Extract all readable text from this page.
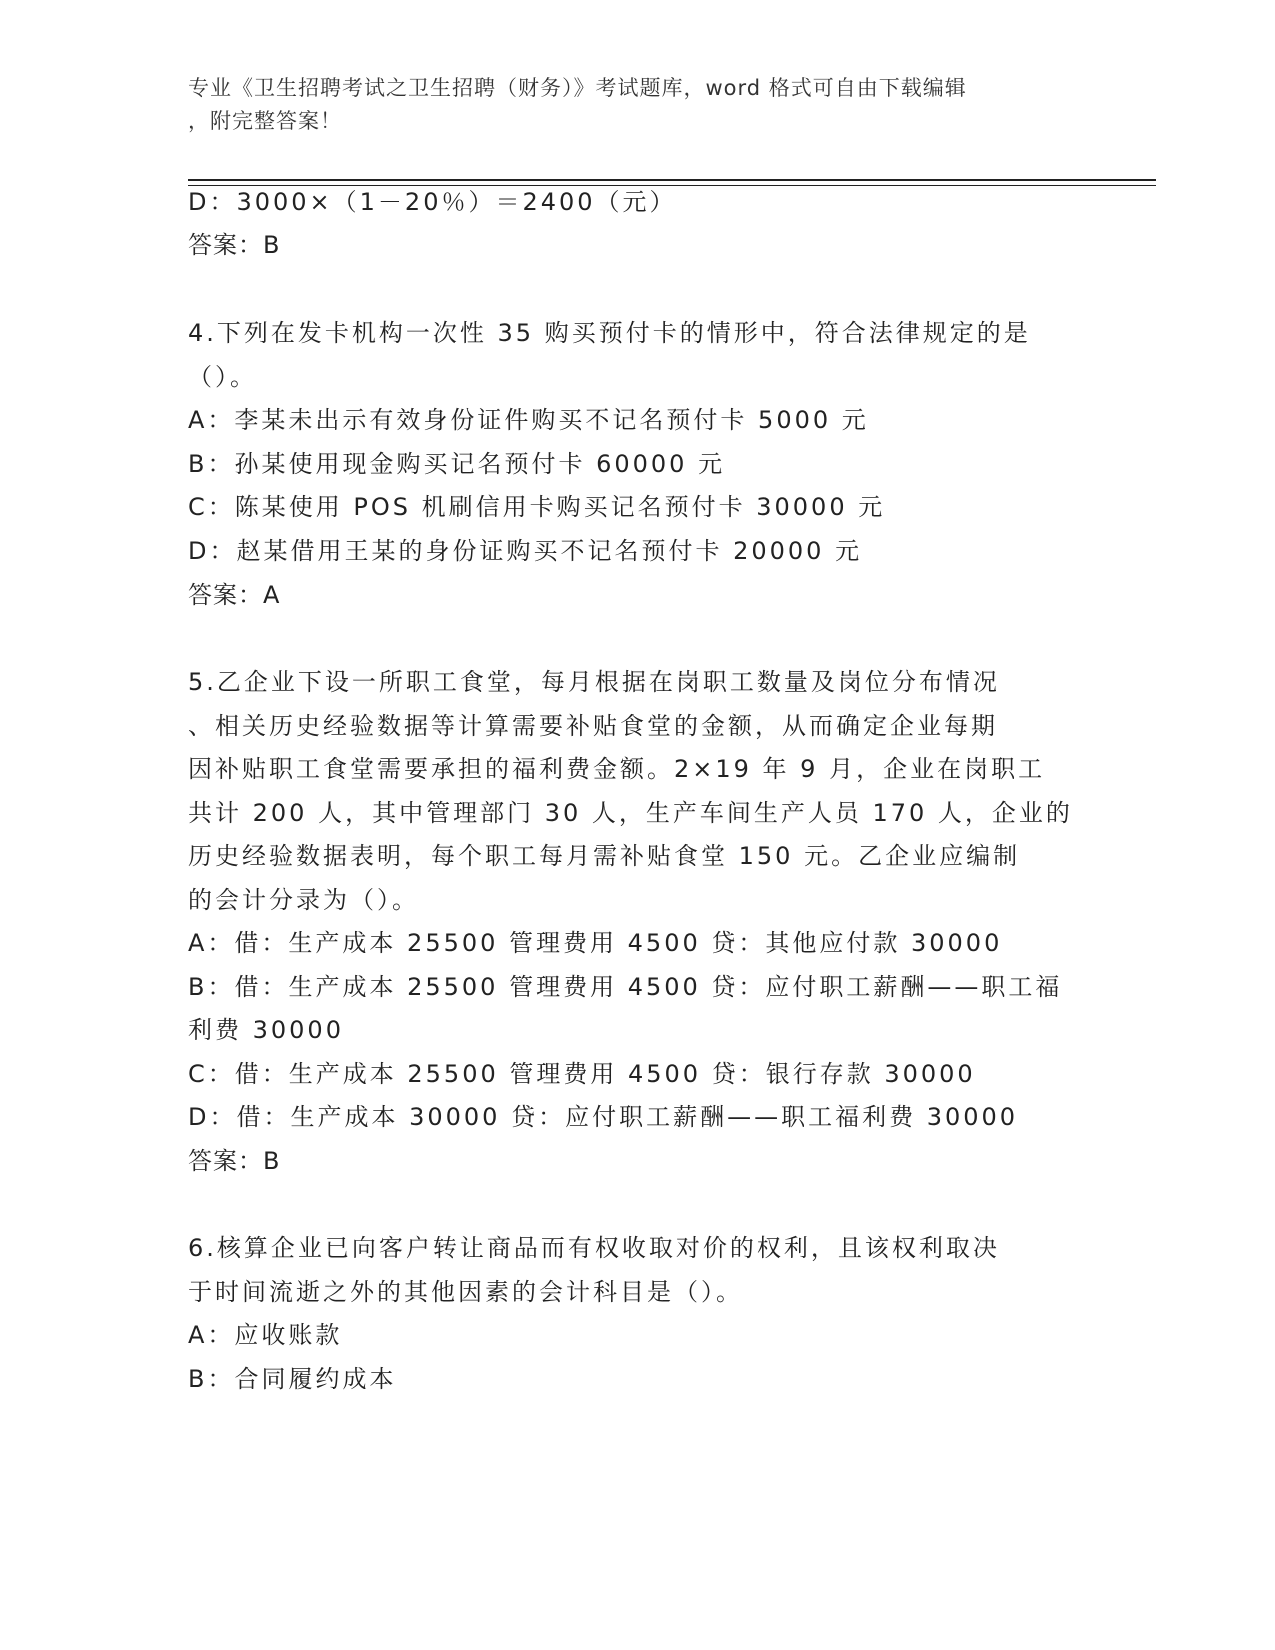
专业《卫生招聘考试之卫生招聘（财务）》考试题库，word 格式可自由下载编辑
，附完整答案！

D：3000×（1－20％）＝2400（元）

答案：B

4.下列在发卡机构一次性 35 购买预付卡的情形中，符合法律规定的是

（）。

A：李某未出示有效身份证件购买不记名预付卡 5000 元

B：孙某使用现金购买记名预付卡 60000 元

C：陈某使用 POS 机刷信用卡购买记名预付卡 30000 元

D：赵某借用王某的身份证购买不记名预付卡 20000 元

答案：A

5.乙企业下设一所职工食堂，每月根据在岗职工数量及岗位分布情况

、相关历史经验数据等计算需要补贴食堂的金额，从而确定企业每期

因补贴职工食堂需要承担的福利费金额。2×19 年 9 月，企业在岗职工

共计 200 人，其中管理部门 30 人，生产车间生产人员 170 人，企业的

历史经验数据表明，每个职工每月需补贴食堂 150 元。乙企业应编制

的会计分录为（）。

A：借：生产成本 25500 管理费用 4500 贷：其他应付款 30000

B：借：生产成本 25500 管理费用 4500 贷：应付职工薪酬——职工福

利费 30000

C：借：生产成本 25500 管理费用 4500 贷：银行存款 30000

D：借：生产成本 30000 贷：应付职工薪酬——职工福利费 30000

答案：B

6.核算企业已向客户转让商品而有权收取对价的权利，且该权利取决

于时间流逝之外的其他因素的会计科目是（）。

A：应收账款

B：合同履约成本
